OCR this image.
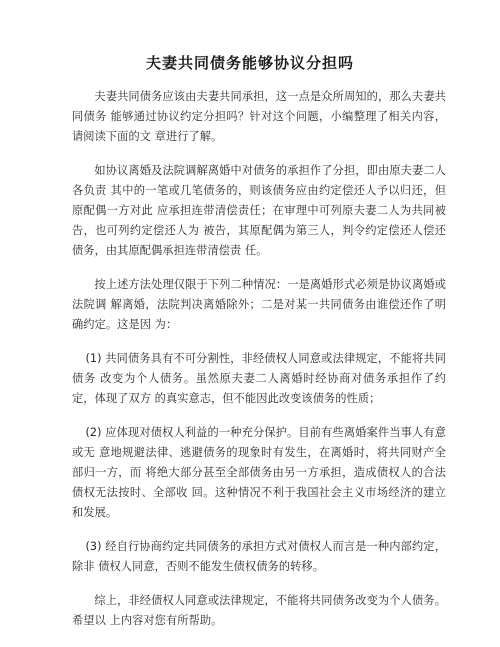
夫妻共同债务能够协议分担吗

夫妻共同债务应该由夫妻共同承担，这一点是众所周知的，那么夫妻共同债务 能够通过协议约定分担吗？针对这个问题，小编整理了相关内容，请阅读下面的文 章进行了解。

如协议离婚及法院调解离婚中对债务的承担作了分担，即由原夫妻二人各负责 其中的一笔或几笔债务的，则该债务应由约定偿还人予以归还，但原配偶一方对此 应承担连带清偿责任；在审理中可列原夫妻二人为共同被告，也可列约定偿还人为 被告，其原配偶为第三人，判令约定偿还人偿还债务，由其原配偶承担连带清偿责 任。

按上述方法处理仅限于下列二种情况：一是离婚形式必须是协议离婚或法院调 解离婚，法院判决离婚除外；二是对某一共同债务由谁偿还作了明确约定。这是因 为：

(1) 共同债务具有不可分割性，非经债权人同意或法律规定，不能将共同债务 改变为个人债务。虽然原夫妻二人离婚时经协商对债务承担作了约定，体现了双方 的真实意志，但不能因此改变该债务的性质；

(2) 应体现对债权人利益的一种充分保护。目前有些离婚案件当事人有意或无 意地规避法律、逃避债务的现象时有发生，在离婚时，将共同财产全部归一方，而 将绝大部分甚至全部债务由另一方承担，造成债权人的合法债权无法按时、全部收 回。这种情况不利于我国社会主义市场经济的建立和发展。

(3) 经自行协商约定共同债务的承担方式对债权人而言是一种内部约定，除非 债权人同意，否则不能发生债权债务的转移。

综上，非经债权人同意或法律规定，不能将共同债务改变为个人债务。希望以 上内容对您有所帮助。
